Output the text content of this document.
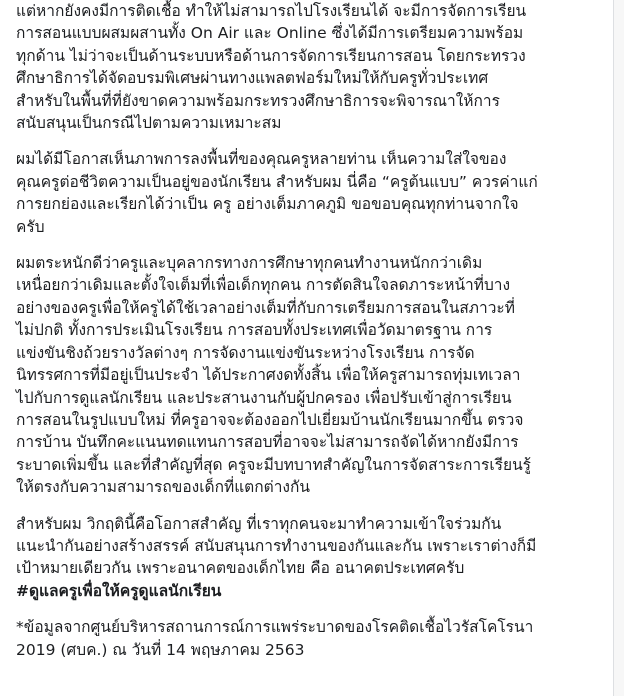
แต่หากยังคงมีการติดเชื้อ ทำให้ไม่สามารถไปโรงเรียนได้ จะมีการจัดการเรียน
การสอนแบบผสมผสานทั้ง On Air และ Online ซึ่งได้มีการเตรียมความพร้อม
ทุกด้าน ไม่ว่าจะเป็นด้านระบบหรือด้านการจัดการเรียนการสอน โดยกระทรวง
ศึกษาธิการได้จัดอบรมพิเศษผ่านทางแพลตฟอร์มใหม่ให้กับครูทั่วประเทศ
สำหรับในพื้นที่ที่ยังขาดความพร้อมกระทรวงศึกษาธิการจะพิจารณาให้การ
สนับสนุนเป็นกรณีไปตามความเหมาะสม

ผมได้มีโอกาสเห็นภาพการลงพื้นที่ของคุณครูหลายท่าน เห็นความใส่ใจของ
คุณครูต่อชีวิตความเป็นอยู่ของนักเรียน สำหรับผม นี่คือ “ครูต้นแบบ” ควรค่าแก่
การยกย่องและเรียกได้ว่าเป็น ครู อย่างเต็มภาคภูมิ ขอขอบคุณทุกท่านจากใจ
ครับ

ผมตระหนักดีว่าครูและบุคลากรทางการศึกษาทุกคนทำงานหนักกว่าเดิม
เหนื่อยกว่าเดิมและตั้งใจเต็มที่เพื่อเด็กทุกคน การตัดสินใจลดภาระหน้าที่บาง
อย่างของครูเพื่อให้ครูได้ใช้เวลาอย่างเต็มที่กับการเตรียมการสอนในสภาวะที่
ไม่ปกติ ทั้งการประเมินโรงเรียน การสอบทั้งประเทศเพื่อวัดมาตรฐาน การ
แข่งขันชิงถ้วยรางวัลต่างๆ การจัดงานแข่งขันระหว่างโรงเรียน การจัด
นิทรรศการที่มีอยู่เป็นประจำ ได้ประกาศงดทั้งสิ้น เพื่อให้ครูสามารถทุ่มเทเวลา
ไปกับการดูแลนักเรียน และประสานงานกับผู้ปกครอง เพื่อปรับเข้าสู่การเรียน
การสอนในรูปแบบใหม่ ที่ครูอาจจะต้องออกไปเยี่ยมบ้านนักเรียนมากขึ้น ตรวจ
การบ้าน บันทึกคะแนนทดแทนการสอบที่อาจจะไม่สามารถจัดได้หากยังมีการ
ระบาดเพิ่มขึ้น และที่สำคัญที่สุด ครูจะมีบทบาทสำคัญในการจัดสาระการเรียนรู้
ให้ตรงกับความสามารถของเด็กที่แตกต่างกัน

สำหรับผม วิกฤตินี้คือโอกาสสำคัญ ที่เราทุกคนจะมาทำความเข้าใจร่วมกัน
แนะนำกันอย่างสร้างสรรค์ สนับสนุนการทำงานของกันและกัน เพราะเราต่างก็มี
เป้าหมายเดียวกัน เพราะอนาคตของเด็กไทย คือ อนาคตประเทศครับ
#ดูแลครูเพื่อให้ครูดูแลนักเรียน

*ข้อมูลจากศูนย์บริหารสถานการณ์การแพร่ระบาดของโรคติดเชื้อไวรัสโคโรนา
2019 (ศบค.) ณ วันที่ 14 พฤษภาคม 2563
